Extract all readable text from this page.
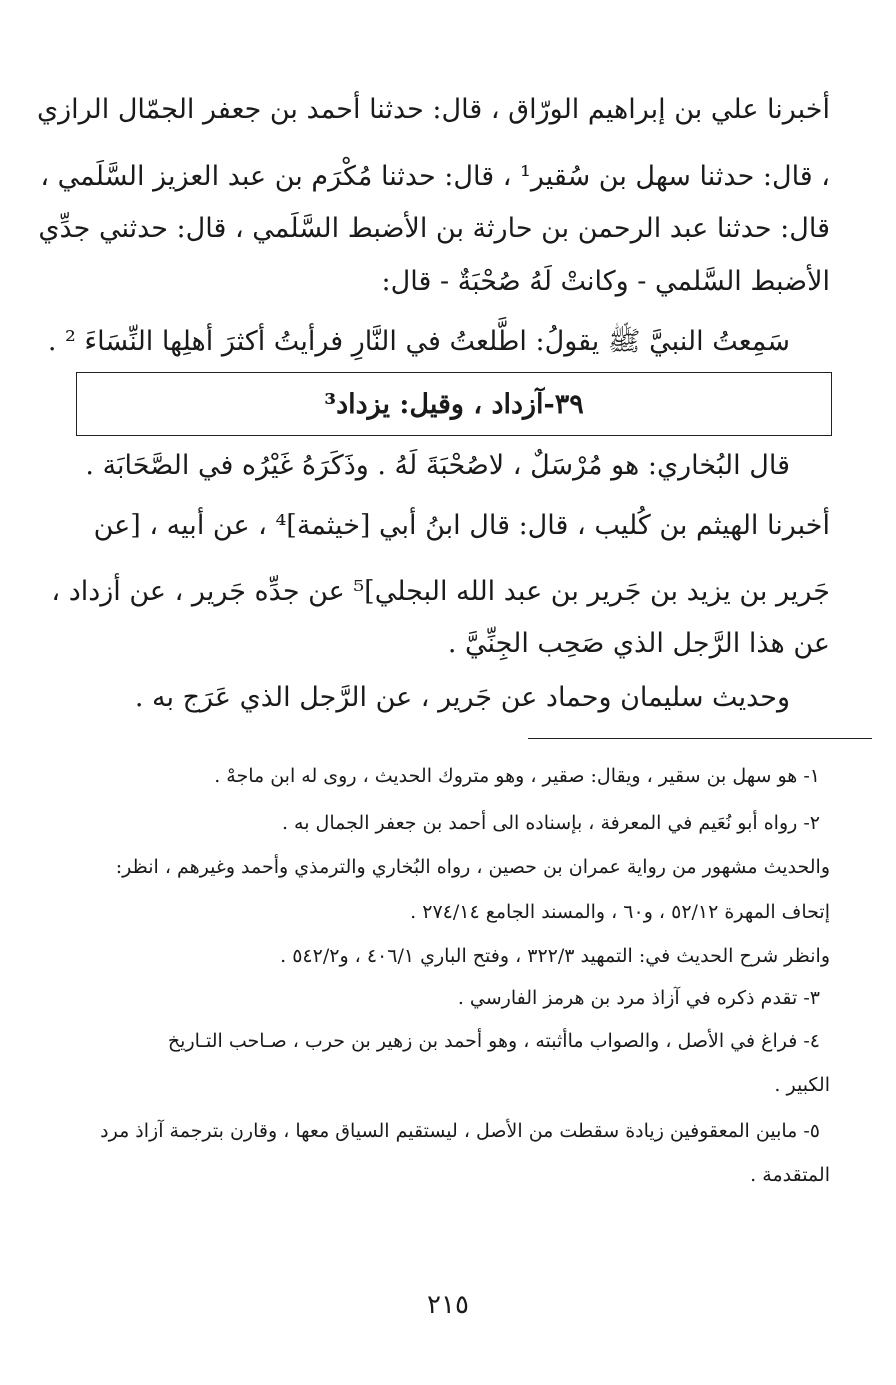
أخبرنا علي بن إبراهيم الورّاق ، قال: حدثنا أحمد بن جعفر الجمّال الرازي
، قال: حدثنا سهل بن سُقير¹ ، قال: حدثنا مُكْرَم بن عبد العزيز السَّلَمي ،
قال: حدثنا عبد الرحمن بن حارثة بن الأضبط السَّلَمي ، قال: حدثني جدِّي
الأضبط السَّلمي - وكانتْ لَهُ صُحْبَةٌ - قال:
سَمِعتُ النبيَّ ﷺ يقولُ: اطَّلعتُ في النَّارِ فرأيتُ أكثرَ أهلِها النِّسَاءَ ² .
٣٩-آزداد ، وقيل: يزداد³
قال البُخاري: هو مُرْسَلٌ ، لاصُحْبَةَ لَهُ . وذَكَرَهُ غَيْرُه في الصَّحَابَة .
أخبرنا الهيثم بن كُليب ، قال: قال ابنُ أبي [خيثمة]⁴ ، عن أبيه ، [عن
جَرير بن يزيد بن جَرير بن عبد الله البجلي]⁵ عن جدِّه جَرير ، عن أزداد ،
عن هذا الرَّجل الذي صَحِب الجِنِّيَّ .
وحديث سليمان وحماد عن جَرير ، عن الرَّجل الذي عَرَج به .
١- هو سهل بن سقير ، ويقال: صقير ، وهو متروك الحديث ، روى له ابن ماجهْ .
٢- رواه أبو نُعَيم في المعرفة ، بإسناده الى أحمد بن جعفر الجمال به .
والحديث مشهور من رواية عمران بن حصين ، رواه البُخاري والترمذي وأحمد وغيرهم ، انظر:
إتحاف المهرة ٥٢/١٢ ، و٦٠ ، والمسند الجامع ٢٧٤/١٤ .
وانظر شرح الحديث في: التمهيد ٣٢٢/٣ ، وفتح الباري ٤٠٦/١ ، و٥٤٢/٢ .
٣- تقدم ذكره في آزاذ مرد بن هرمز الفارسي .
٤- فراغ في الأصل ، والصواب ماأثبته ، وهو أحمد بن زهير بن حرب ، صـاحب التـاريخ
الكبير .
٥- مابين المعقوفين زيادة سقطت من الأصل ، ليستقيم السياق معها ، وقارن بترجمة آزاذ مرد
المتقدمة .
٢١٥
